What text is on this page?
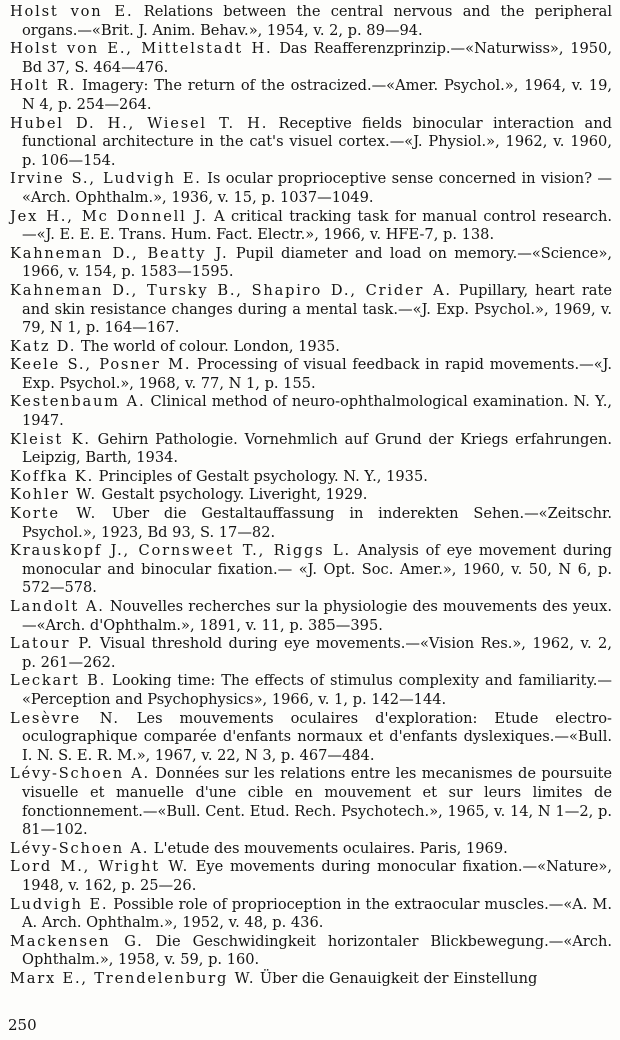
Holst von E. Relations between the central nervous and the peripheral organs.—«Brit. J. Anim. Behav.», 1954, v. 2, p. 89—94.
Holst von E., Mittelstadt H. Das Reafferenzprinzip.—«Naturwiss», 1950, Bd 37, S. 464—476.
Holt R. Imagery: The return of the ostracized.—«Amer. Psychol.», 1964, v. 19, N 4, p. 254—264.
Hubel D. H., Wiesel T. H. Receptive fields binocular interaction and functional architecture in the cat's visuel cortex.—«J. Physiol.», 1962, v. 1960, p. 106—154.
Irvine S., Ludvigh E. Is ocular proprioceptive sense concerned in vision? — «Arch. Ophthalm.», 1936, v. 15, p. 1037—1049.
Jex H., Mc Donnell J. A critical tracking task for manual control research.—«J. E. E. E. Trans. Hum. Fact. Electr.», 1966, v. HFE-7, p. 138.
Kahneman D., Beatty J. Pupil diameter and load on memory.—«Science», 1966, v. 154, p. 1583—1595.
Kahneman D., Tursky B., Shapiro D., Crider A. Pupillary, heart rate and skin resistance changes during a mental task.—«J. Exp. Psychol.», 1969, v. 79, N 1, p. 164—167.
Katz D. The world of colour. London, 1935.
Keele S., Posner M. Processing of visual feedback in rapid movements.—«J. Exp. Psychol.», 1968, v. 77, N 1, p. 155.
Kestenbaum A. Clinical method of neuro-ophthalmological examination. N. Y., 1947.
Kleist K. Gehirn Pathologie. Vornehmlich auf Grund der Kriegs erfahrungen. Leipzig, Barth, 1934.
Koffka K. Principles of Gestalt psychology. N. Y., 1935.
Kohler W. Gestalt psychology. Liveright, 1929.
Korte W. Uber die Gestaltauffassung in inderekten Sehen.—«Zeitschr. Psychol.», 1923, Bd 93, S. 17—82.
Krauskopf J., Cornsweet T., Riggs L. Analysis of eye movement during monocular and binocular fixation.— «J. Opt. Soc. Amer.», 1960, v. 50, N 6, p. 572—578.
Landolt A. Nouvelles recherches sur la physiologie des mouvements des yeux.—«Arch. d'Ophthalm.», 1891, v. 11, p. 385—395.
Latour P. Visual threshold during eye movements.—«Vision Res.», 1962, v. 2, p. 261—262.
Leckart B. Looking time: The effects of stimulus complexity and familiarity.— «Perception and Psychophysics», 1966, v. 1, p. 142—144.
Lesèvre N. Les mouvements oculaires d'exploration: Etude electro-oculographique comparée d'enfants normaux et d'enfants dyslexiques.—«Bull. I. N. S. E. R. M.», 1967, v. 22, N 3, p. 467—484.
Lévy-Schoen A. Données sur les relations entre les mecanismes de poursuite visuelle et manuelle d'une cible en mouvement et sur leurs limites de fonctionnement.—«Bull. Cent. Etud. Rech. Psychotech.», 1965, v. 14, N 1—2, p. 81—102.
Lévy-Schoen A. L'etude des mouvements oculaires. Paris, 1969.
Lord M., Wright W. Eye movements during monocular fixation.—«Nature», 1948, v. 162, p. 25—26.
Ludvigh E. Possible role of proprioception in the extraocular muscles.—«A. M. A. Arch. Ophthalm.», 1952, v. 48, p. 436.
Mackensen G. Die Geschwidingkeit horizontaler Blickbewegung.—«Arch. Ophthalm.», 1958, v. 59, p. 160.
Marx E., Trendelenburg W. Über die Genauigkeit der Einstellung
250
